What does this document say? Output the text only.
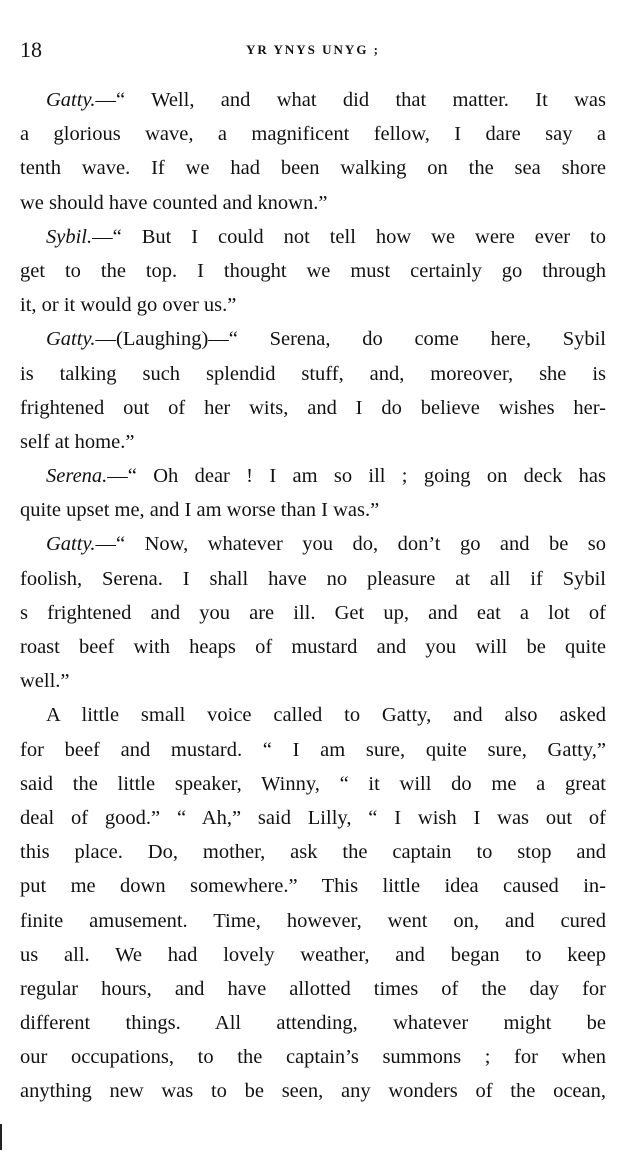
18	YR YNYS UNYG ;
Gatty.—“ Well, and what did that matter. It was
a glorious wave, a magnificent fellow, I dare say a
tenth wave. If we had been walking on the sea shore
we should have counted and known.”
Sybil.—“ But I could not tell how we were ever to
get to the top. I thought we must certainly go through
it, or it would go over us.”
Gatty.—(Laughing)—“ Serena, do come here, Sybil
is talking such splendid stuff, and, moreover, she is
frightened out of her wits, and I do believe wishes her-
self at home.”
Serena.—“ Oh dear ! I am so ill ; going on deck has
quite upset me, and I am worse than I was.”
Gatty.—“ Now, whatever you do, don’t go and be so
foolish, Serena. I shall have no pleasure at all if Sybil
s frightened and you are ill. Get up, and eat a lot of
roast beef with heaps of mustard and you will be quite
well.”
A little small voice called to Gatty, and also asked
for beef and mustard. “ I am sure, quite sure, Gatty,”
said the little speaker, Winny, “ it will do me a great
deal of good.” “ Ah,” said Lilly, “ I wish I was out of
this place. Do, mother, ask the captain to stop and
put me down somewhere.” This little idea caused in-
finite amusement. Time, however, went on, and cured
us all. We had lovely weather, and began to keep
regular hours, and have allotted times of the day for
different things. All attending, whatever might be
our occupations, to the captain’s summons ; for when
anything new was to be seen, any wonders of the ocean,
